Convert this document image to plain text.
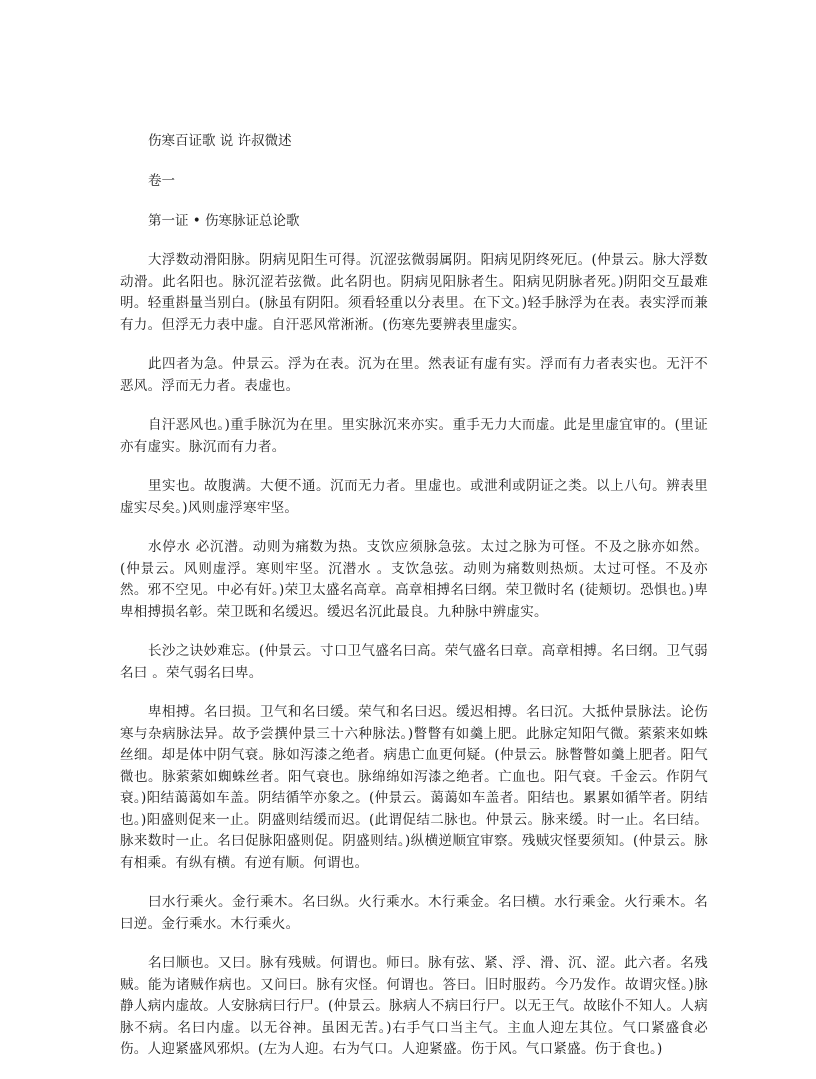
伤寒百证歌 说 许叔微述
卷一
第一证 • 伤寒脉证总论歌

大浮数动滑阳脉。阴病见阳生可得。沉涩弦微弱属阴。阳病见阴终死厄。(仲景云。脉大浮数动滑。此名阳也。脉沉涩若弦微。此名阴也。阴病见阳脉者生。阳病见阴脉者死。)阴阳交互最难明。轻重斟量当别白。(脉虽有阴阳。须看轻重以分表里。在下文。)轻手脉浮为在表。表实浮而兼有力。但浮无力表中虚。自汗恶风常淅淅。(伤寒先要辨表里虚实。

此四者为急。仲景云。浮为在表。沉为在里。然表证有虚有实。浮而有力者表实也。无汗不恶风。浮而无力者。表虚也。

自汗恶风也。)重手脉沉为在里。里实脉沉来亦实。重手无力大而虚。此是里虚宜审的。(里证亦有虚实。脉沉而有力者。

里实也。故腹满。大便不通。沉而无力者。里虚也。或泄利或阴证之类。以上八句。辨表里虚实尽矣。)风则虚浮寒牢坚。

水停水 必沉潜。动则为痛数为热。支饮应须脉急弦。太过之脉为可怪。不及之脉亦如然。(仲景云。风则虚浮。寒则牢坚。沉潜水 。支饮急弦。动则为痛数则热烦。太过可怪。不及亦然。邪不空见。中必有奸。)荣卫太盛名高章。高章相搏名曰纲。荣卫微时名 (徒颊切。恐惧也。)卑 卑相搏损名彰。荣卫既和名缓迟。缓迟名沉此最良。九种脉中辨虚实。

长沙之诀妙难忘。(仲景云。寸口卫气盛名曰高。荣气盛名曰章。高章相搏。名曰纲。卫气弱名曰 。荣气弱名曰卑。

卑相搏。名曰损。卫气和名曰缓。荣气和名曰迟。缓迟相搏。名曰沉。大抵仲景脉法。论伤寒与杂病脉法异。故予尝撰仲景三十六种脉法。)瞥瞥有如羹上肥。此脉定知阳气微。萦萦来如蛛丝细。却是体中阴气衰。脉如泻漆之绝者。病患亡血更何疑。(仲景云。脉瞥瞥如羹上肥者。阳气微也。脉萦萦如蜘蛛丝者。阳气衰也。脉绵绵如泻漆之绝者。亡血也。阳气衰。千金云。作阴气衰。)阳结蔼蔼如车盖。阴结循竿亦象之。(仲景云。蔼蔼如车盖者。阳结也。累累如循竿者。阴结也。)阳盛则促来一止。阴盛则结缓而迟。(此谓促结二脉也。仲景云。脉来缓。时一止。名曰结。脉来数时一止。名曰促脉阳盛则促。阴盛则结。)纵横逆顺宜审察。残贼灾怪要须知。(仲景云。脉有相乘。有纵有横。有逆有顺。何谓也。

曰水行乘火。金行乘木。名曰纵。火行乘水。木行乘金。名曰横。水行乘金。火行乘木。名曰逆。金行乘水。木行乘火。

名曰顺也。又曰。脉有残贼。何谓也。师曰。脉有弦、紧、浮、滑、沉、涩。此六者。名残贼。能为诸贼作病也。又问曰。脉有灾怪。何谓也。答曰。旧时服药。今乃发作。故谓灾怪。)脉静人病内虚故。人安脉病曰行尸。(仲景云。脉病人不病曰行尸。以无王气。故眩仆不知人。人病脉不病。名曰内虚。以无谷神。虽困无苦。)右手气口当主气。主血人迎左其位。气口紧盛食必伤。人迎紧盛风邪炽。(左为人迎。右为气口。人迎紧盛。伤于风。气口紧盛。伤于食也。)
